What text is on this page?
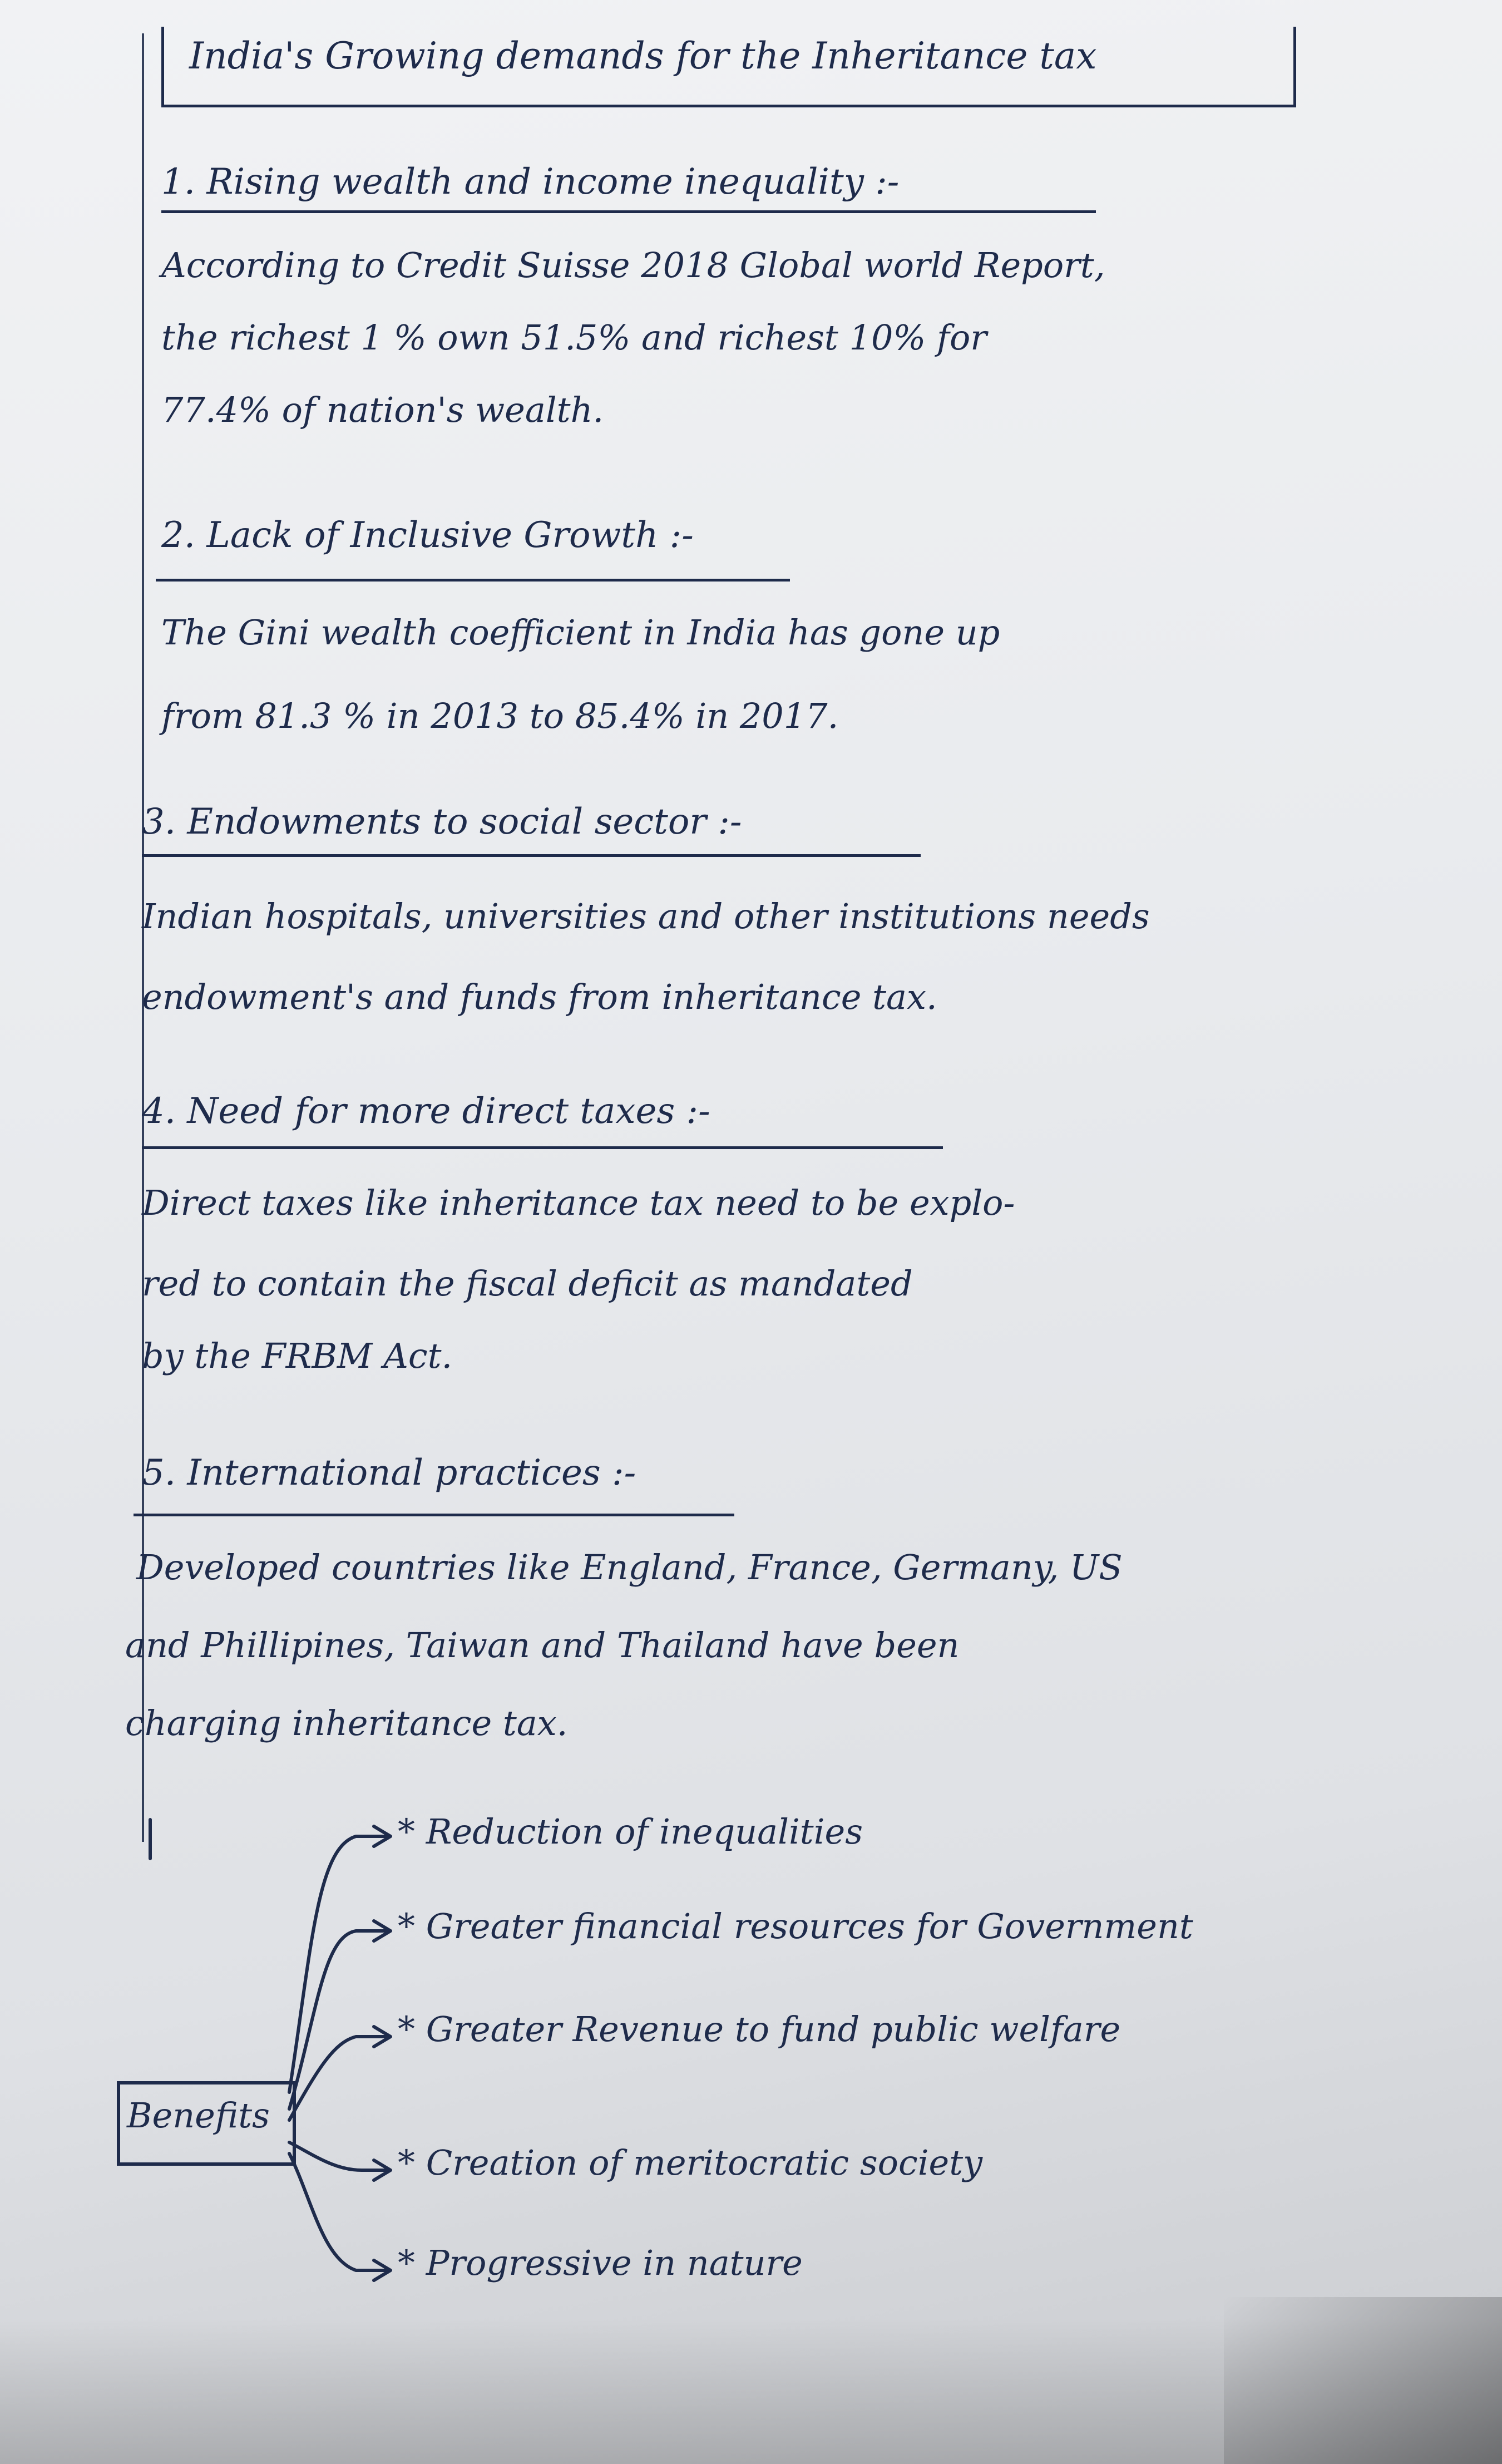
India's Growing demands for the Inheritance tax
1. Rising wealth and income inequality :-
According to Credit Suisse 2018 Global world Report,
the richest 1 % own 51.5% and richest 10% for
77.4% of nation's wealth.
2. Lack of Inclusive Growth :-
The Gini wealth coefficient in India has gone up
from 81.3 % in 2013 to 85.4% in 2017.
3. Endowments to social sector :-
Indian hospitals, universities and other institutions needs
endowment's and funds from inheritance tax.
4. Need for more direct taxes :-
Direct taxes like inheritance tax need to be explo-
red to contain the fiscal deficit as mandated
by the FRBM Act.
5. International practices :-
Developed countries like England, France, Germany, US
and Phillipines, Taiwan and Thailand have been
charging inheritance tax.
Benefits
* Reduction of inequalities
* Greater financial resources for Government
* Greater Revenue to fund public welfare
* Creation of meritocratic society
* Progressive in nature
